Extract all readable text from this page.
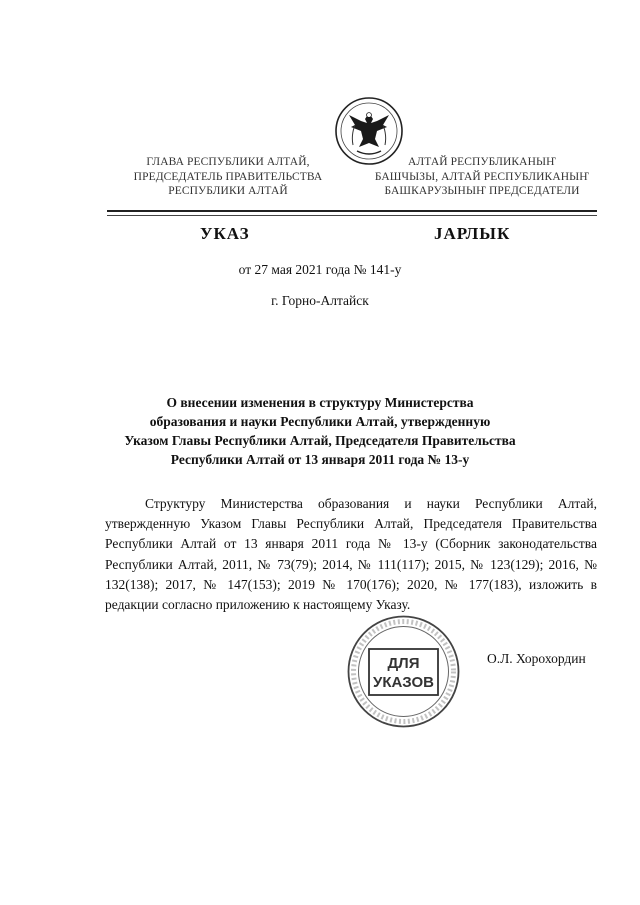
ГЛАВА РЕСПУБЛИКИ АЛТАЙ,
ПРЕДСЕДАТЕЛЬ ПРАВИТЕЛЬСТВА
РЕСПУБЛИКИ АЛТАЙ
АЛТАЙ РЕСПУБЛИКАНЫҤ
БАШЧЫЗЫ, АЛТАЙ РЕСПУБЛИКАНЫҤ
БАШКАРУЗЫНЫҤ ПРЕДСЕДАТЕЛИ
УКАЗ	JАРЛЫК
от 27 мая 2021 года № 141-у
г. Горно-Алтайск
О внесении изменения в структуру Министерства
образования и науки Республики Алтай, утвержденную
Указом Главы Республики Алтай, Председателя Правительства
Республики Алтай от 13 января 2011 года № 13-у
Структуру Министерства образования и науки Республики Алтай, утвержденную Указом Главы Республики Алтай, Председателя Правительства Республики Алтай от 13 января 2011 года № 13-у (Сборник законодательства Республики Алтай, 2011, № 73(79); 2014, № 111(117); 2015, № 123(129); 2016, № 132(138); 2017, № 147(153); 2019 № 170(176); 2020, № 177(183), изложить в редакции согласно приложению к настоящему Указу.
ДЛЯ
УКАЗОВ
О.Л. Хорохордин
